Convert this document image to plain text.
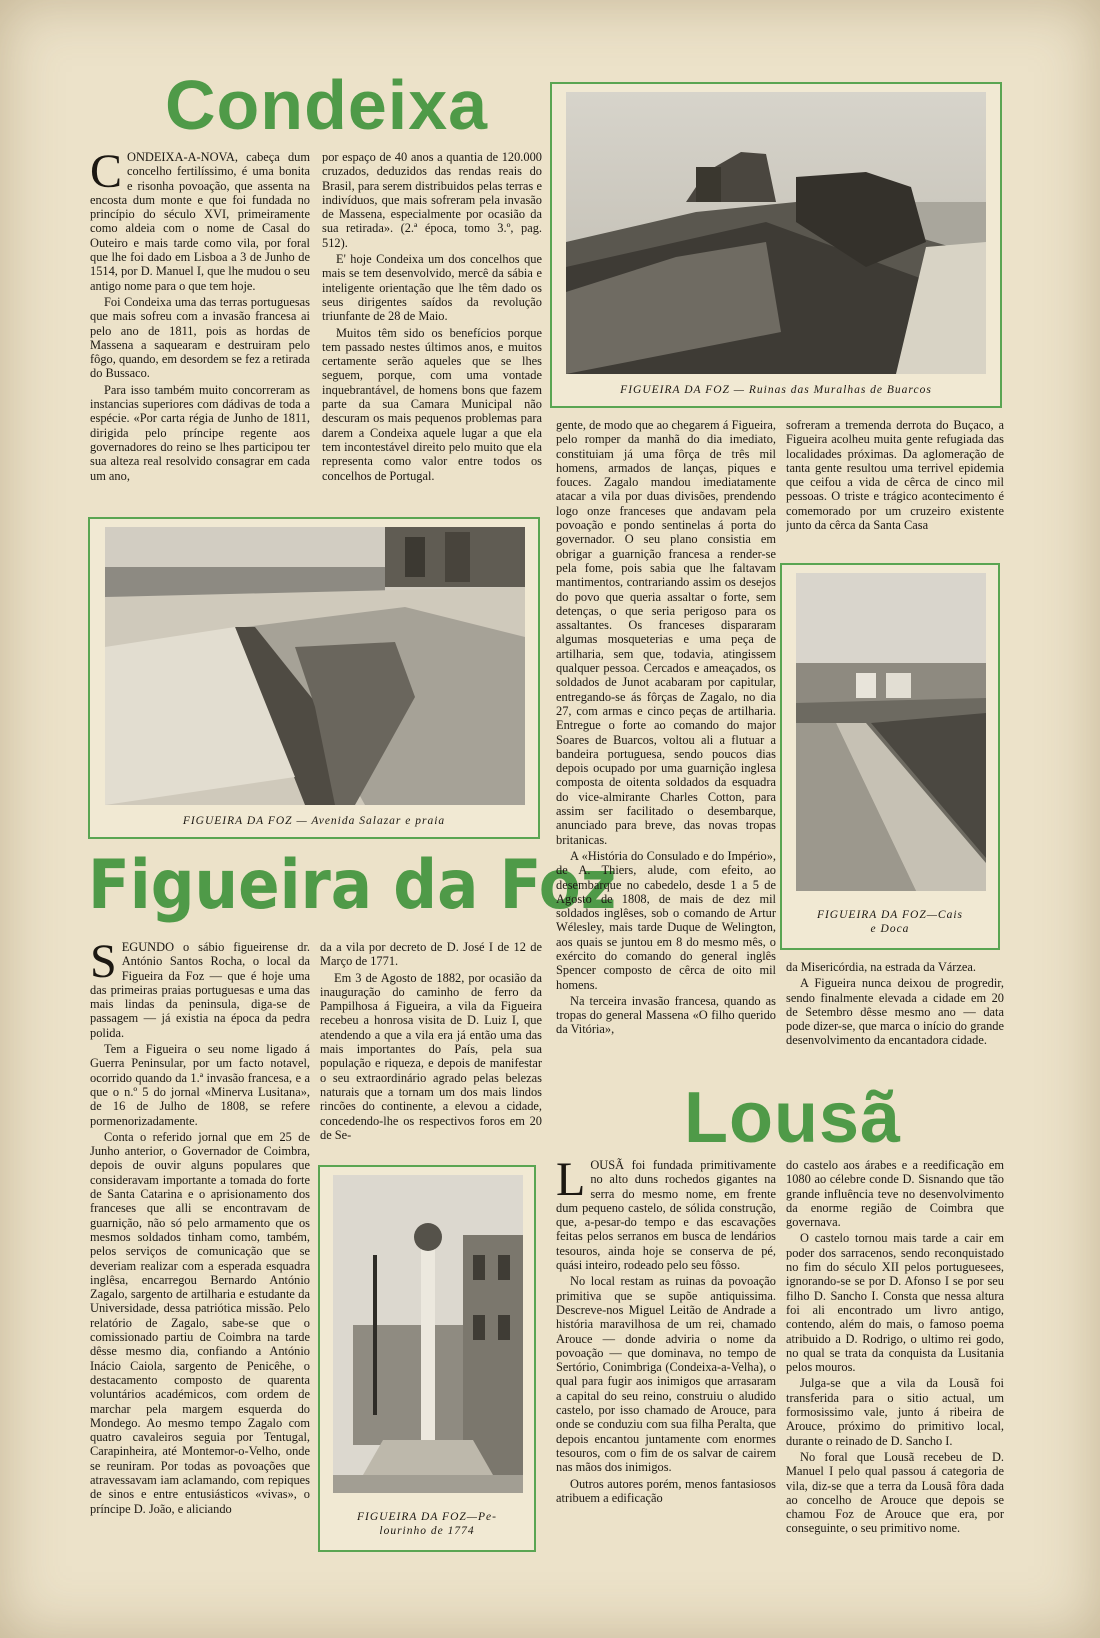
Condeixa
Figueira da Foz
Lousã
C ONDEIXA-A-NOVA, cabeça dum concelho fertilíssimo, é uma bonita e risonha povoação, que assenta na encosta dum monte e que foi fundada no princípio do século XVI, primeiramente como aldeia com o nome de Casal do Outeiro e mais tarde como vila, por foral que lhe foi dado em Lisboa a 3 de Junho de 1514, por D. Manuel I, que lhe mudou o seu antigo nome para o que tem hoje.

Foi Condeixa uma das terras portuguesas que mais sofreu com a invasão francesa ai pelo ano de 1811, pois as hordas de Massena a saquearam e destruiram pelo fôgo, quando, em desordem se fez a retirada do Bussaco.

Para isso também muito concorreram as instancias superiores com dádivas de toda a espécie. «Por carta régia de Junho de 1811, dirigida pelo príncipe regente aos governadores do reino se lhes participou ter sua alteza real resolvido consagrar em cada um ano,

por espaço de 40 anos a quantia de 120.000 cruzados, deduzidos das rendas reais do Brasil, para serem distribuidos pelas terras e indivíduos, que mais sofreram pela invasão de Massena, especialmente por ocasião da sua retirada». (2.ª época, tomo 3.º, pag. 512).

E' hoje Condeixa um dos concelhos que mais se tem desenvolvido, mercê da sábia e inteligente orientação que lhe têm dado os seus dirigentes saídos da revolução triunfante de 28 de Maio.

Muitos têm sido os benefícios porque tem passado nestes últimos anos, e muitos certamente serão aqueles que se lhes seguem, porque, com uma vontade inquebrantável, de homens bons que fazem parte da sua Camara Municipal não descuram os mais pequenos problemas para darem a Condeixa aquele lugar a que ela tem incontestável direito pelo muito que ela representa como valor entre todos os concelhos de Portugal.

FIGUEIRA DA FOZ — Ruinas das Muralhas de Buarcos
FIGUEIRA DA FOZ — Avenida Salazar e praia
S EGUNDO o sábio figueirense dr. António Santos Rocha, o local da Figueira da Foz — que é hoje uma das primeiras praias portuguesas e uma das mais lindas da peninsula, diga-se de passagem — já existia na época da pedra polida.

Tem a Figueira o seu nome ligado á Guerra Peninsular, por um facto notavel, ocorrido quando da 1.ª invasão francesa, e a que o n.º 5 do jornal «Minerva Lusitana», de 16 de Julho de 1808, se refere pormenorizadamente.

Conta o referido jornal que em 25 de Junho anterior, o Governador de Coimbra, depois de ouvir alguns populares que consideravam importante a tomada do forte de Santa Catarina e o aprisionamento dos franceses que alli se encontravam de guarnição, não só pelo armamento que os mesmos soldados tinham como, também, pelos serviços de comunicação que se deveriam realizar com a esperada esquadra inglêsa, encarregou Bernardo António Zagalo, sargento de artilharia e estudante da Universidade, dessa patriótica missão. Pelo relatório de Zagalo, sabe-se que o comissionado partiu de Coimbra na tarde dêsse mesmo dia, confiando a António Inácio Caiola, sargento de Penicêhe, o destacamento composto de quarenta voluntários académicos, com ordem de marchar pela margem esquerda do Mondego. Ao mesmo tempo Zagalo com quatro cavaleiros seguia por Tentugal, Carapinheira, até Montemor-o-Velho, onde se reuniram. Por todas as povoações que atravessavam iam aclamando, com repiques de sinos e entre entusiásticos «vivas», o príncipe D. João, e aliciando

da a vila por decreto de D. José I de 12 de Março de 1771.

Em 3 de Agosto de 1882, por ocasião da inauguração do caminho de ferro da Pampilhosa á Figueira, a vila da Figueira recebeu a honrosa visita de D. Luiz I, que atendendo a que a vila era já então uma das mais importantes do País, pela sua população e riqueza, e depois de manifestar o seu extraordinário agrado pelas belezas naturais que a tornam um dos mais lindos rincões do continente, a elevou a cidade, concedendo-lhe os respectivos foros em 20 de Se-

gente, de modo que ao chegarem á Figueira, pelo romper da manhã do dia imediato, constituiam já uma fôrça de três mil homens, armados de lanças, piques e fouces. Zagalo mandou imediatamente atacar a vila por duas divisões, prendendo logo onze franceses que andavam pela povoação e pondo sentinelas á porta do governador. O seu plano consistia em obrigar a guarnição francesa a render-se pela fome, pois sabia que lhe faltavam mantimentos, contrariando assim os desejos do povo que queria assaltar o forte, sem detenças, o que seria perigoso para os assaltantes. Os franceses dispararam algumas mosqueterias e uma peça de artilharia, sem que, todavia, atingissem qualquer pessoa. Cercados e ameaçados, os soldados de Junot acabaram por capitular, entregando-se ás fôrças de Zagalo, no dia 27, com armas e cinco peças de artilharia. Entregue o forte ao comando do major Soares de Buarcos, voltou ali a flutuar a bandeira portuguesa, sendo poucos dias depois ocupado por uma guarnição inglesa composta de oitenta soldados da esquadra do vice-almirante Charles Cotton, para assim ser facilitado o desembarque, anunciado para breve, das novas tropas britanicas.

A «História do Consulado e do Império», de A. Thiers, alude, com efeito, ao desembarque no cabedelo, desde 1 a 5 de Agosto de 1808, de mais de dez mil soldados inglêses, sob o comando de Artur Wélesley, mais tarde Duque de Welington, aos quais se juntou em 8 do mesmo mês, o exército do comando do general inglês Spencer composto de cêrca de oito mil homens.

Na terceira invasão francesa, quando as tropas do general Massena «O filho querido da Vitória»,

sofreram a tremenda derrota do Buçaco, a Figueira acolheu muita gente refugiada das localidades próximas. Da aglomeração de tanta gente resultou uma terrivel epidemia que ceifou a vida de cêrca de cinco mil pessoas. O triste e trágico acontecimento é comemorado por um cruzeiro existente junto da cêrca da Santa Casa

da Misericórdia, na estrada da Várzea.

A Figueira nunca deixou de progredir, sendo finalmente elevada a cidade em 20 de Setembro dêsse mesmo ano — data pode dizer-se, que marca o início do grande desenvolvimento da encantadora cidade.

FIGUEIRA DA FOZ—Cais
e Doca
FIGUEIRA DA FOZ—Pe-
lourinho de 1774
L OUSÃ foi fundada primitivamente no alto duns rochedos gigantes na serra do mesmo nome, em frente dum pequeno castelo, de sólida construção, que, a-pesar-do tempo e das escavações feitas pelos serranos em busca de lendários tesouros, ainda hoje se conserva de pé, quási inteiro, rodeado pelo seu fôsso.

No local restam as ruinas da povoação primitiva que se supõe antiquissima. Descreve-nos Miguel Leitão de Andrade a história maravilhosa de um rei, chamado Arouce — donde adviria o nome da povoação — que dominava, no tempo de Sertório, Conimbriga (Condeixa-a-Velha), o qual para fugir aos inimigos que arrasaram a capital do seu reino, construiu o aludido castelo, por isso chamado de Arouce, para onde se conduziu com sua filha Peralta, que depois encantou juntamente com enormes tesouros, com o fim de os salvar de cairem nas mãos dos inimigos.

Outros autores porém, menos fantasiosos atribuem a edificação

do castelo aos árabes e a reedificação em 1080 ao célebre conde D. Sisnando que tão grande influência teve no desenvolvimento da enorme região de Coimbra que governava.

O castelo tornou mais tarde a cair em poder dos sarracenos, sendo reconquistado no fim do século XII pelos portuguesees, ignorando-se se por D. Afonso I se por seu filho D. Sancho I. Consta que nessa altura foi ali encontrado um livro antigo, contendo, além do mais, o famoso poema atribuido a D. Rodrigo, o ultimo rei godo, no qual se trata da conquista da Lusitania pelos mouros.

Julga-se que a vila da Lousã foi transferida para o sitio actual, um formosissimo vale, junto á ribeira de Arouce, próximo do primitivo local, durante o reinado de D. Sancho I.

No foral que Lousã recebeu de D. Manuel I pelo qual passou á categoria de vila, diz-se que a terra da Lousã fôra dada ao concelho de Arouce que depois se chamou Foz de Arouce que era, por conseguinte, o seu primitivo nome.
